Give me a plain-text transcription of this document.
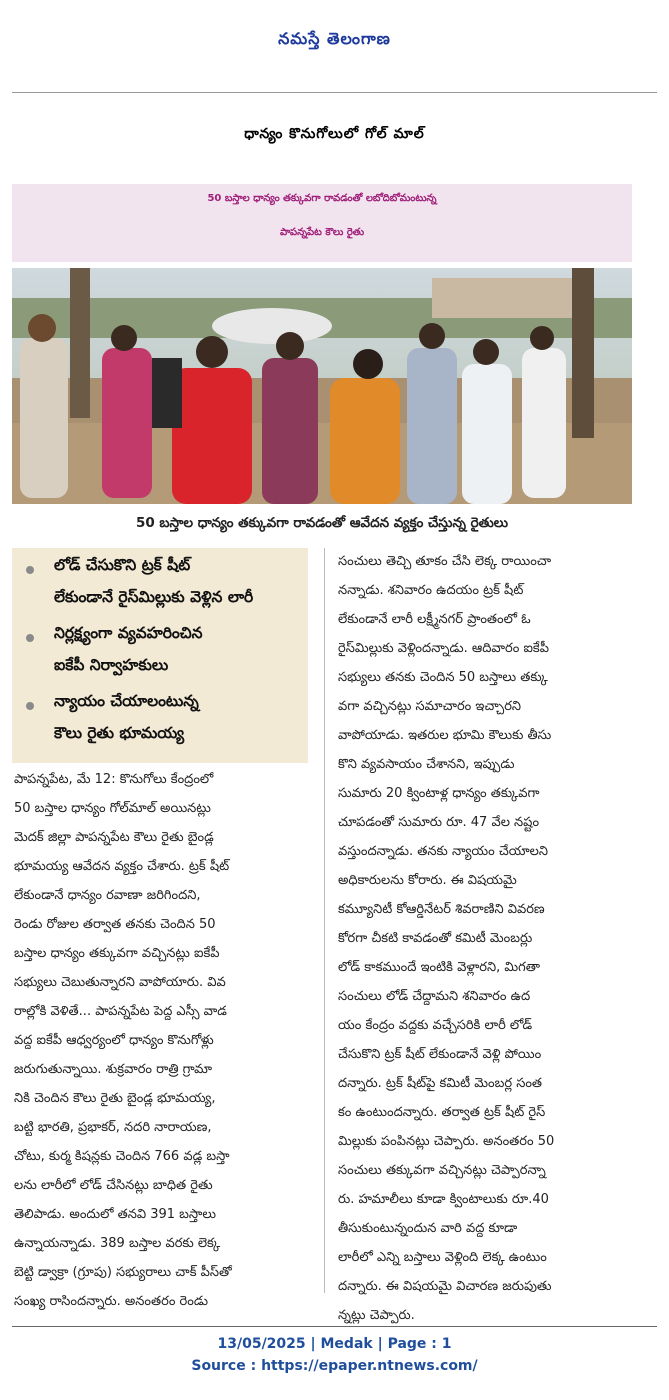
నమస్తే తెలంగాణ
ధాన్యం కొనుగోలులో గోల్ మాల్
50 బస్తాల ధాన్యం తక్కువగా రావడంతో లబోదిబోమంటున్న
పాపన్నపేట కౌలు రైతు
50 బస్తాల ధాన్యం తక్కువగా రావడంతో ఆవేదన వ్యక్తం చేస్తున్న రైతులు
లోడ్ చేసుకొని ట్రక్ షీట్
లేకుండానే రైస్‌మిల్లుకు వెళ్లిన లారీ
నిర్లక్ష్యంగా వ్యవహరించిన
ఐకేపీ నిర్వాహకులు
న్యాయం చేయాలంటున్న
కౌలు రైతు భూమయ్య
పాపన్నపేట, మే 12: కొనుగోలు కేంద్రంలో
50 బస్తాల ధాన్యం గోల్‌మాల్ అయినట్లు
మెదక్ జిల్లా పాపన్నపేట కౌలు రైతు బైండ్ల
భూమయ్య ఆవేదన వ్యక్తం చేశారు. ట్రక్ షీట్
లేకుండానే ధాన్యం రవాణా జరిగిందని,
రెండు రోజుల తర్వాత తనకు చెందిన 50
బస్తాల ధాన్యం తక్కువగా వచ్చినట్లు ఐకేపీ
సభ్యులు చెబుతున్నారని వాపోయారు. వివ
రాల్లోకి వెళితే... పాపన్నపేట పెద్ద ఎస్సీ వాడ
వద్ద ఐకేపీ ఆధ్వర్యంలో ధాన్యం కొనుగోళ్లు
జరుగుతున్నాయి. శుక్రవారం రాత్రి గ్రామా
నికి చెందిన కౌలు రైతు బైండ్ల భూమయ్య,
బట్టి భారతి, ప్రభాకర్, నదరి నారాయణ,
చోటు, కుర్మ కిషన్లకు చెందిన 766 వడ్ల బస్తా
లను లారీలో లోడ్ చేసినట్లు బాధిత రైతు
తెలిపాడు. అందులో తనవి 391 బస్తాలు
ఉన్నాయన్నాడు. 389 బస్తాల వరకు లెక్క
బెట్టి డ్వాక్రా (గ్రూపు) సభ్యురాలు చాక్ పీస్‌తో
సంఖ్య రాసిందన్నారు. అనంతరం రెండు
సంచులు తెచ్చి తూకం చేసి లెక్క రాయించా
నన్నాడు. శనివారం ఉదయం ట్రక్ షీట్
లేకుండానే లారీ లక్ష్మీనగర్ ప్రాంతంలో ఓ
రైస్‌మిల్లుకు వెళ్లిందన్నాడు. ఆదివారం ఐకేపీ
సభ్యులు తనకు చెందిన 50 బస్తాలు తక్కు
వగా వచ్చినట్లు సమాచారం ఇచ్చారని
వాపోయాడు. ఇతరుల భూమి కౌలుకు తీసు
కొని వ్యవసాయం చేశానని, ఇప్పుడు
సుమారు 20 క్వింటాళ్ల ధాన్యం తక్కువగా
చూపడంతో సుమారు రూ. 47 వేల నష్టం
వస్తుందన్నాడు. తనకు న్యాయం చేయాలని
అధికారులను కోరారు. ఈ విషయమై
కమ్యూనిటీ కోఆర్డినేటర్ శివరాణిని వివరణ
కోరగా చీకటి కావడంతో కమిటీ మెంబర్లు
లోడ్ కాకముందే ఇంటికి వెళ్లారని, మిగతా
సంచులు లోడ్ చేద్దామని శనివారం ఉద
యం కేంద్రం వద్దకు వచ్చేసరికి లారీ లోడ్
చేసుకొని ట్రక్ షీట్ లేకుండానే వెళ్లి పోయిం
దన్నారు. ట్రక్ షీట్‌పై కమిటీ మెంబర్ల సంత
కం ఉంటుందన్నారు. తర్వాత ట్రక్ షీట్ రైస్
మిల్లుకు పంపినట్లు చెప్పారు. అనంతరం 50
సంచులు తక్కువగా వచ్చినట్లు చెప్పారన్నా
రు. హమాలీలు కూడా క్వింటాలుకు రూ.40
తీసుకుంటున్నందున వారి వద్ద కూడా
లారీలో ఎన్ని బస్తాలు వెళ్లింది లెక్క ఉంటుం
దన్నారు. ఈ విషయమై విచారణ జరుపుతు
న్నట్లు చెప్పారు.
13/05/2025 | Medak | Page : 1
Source : https://epaper.ntnews.com/
